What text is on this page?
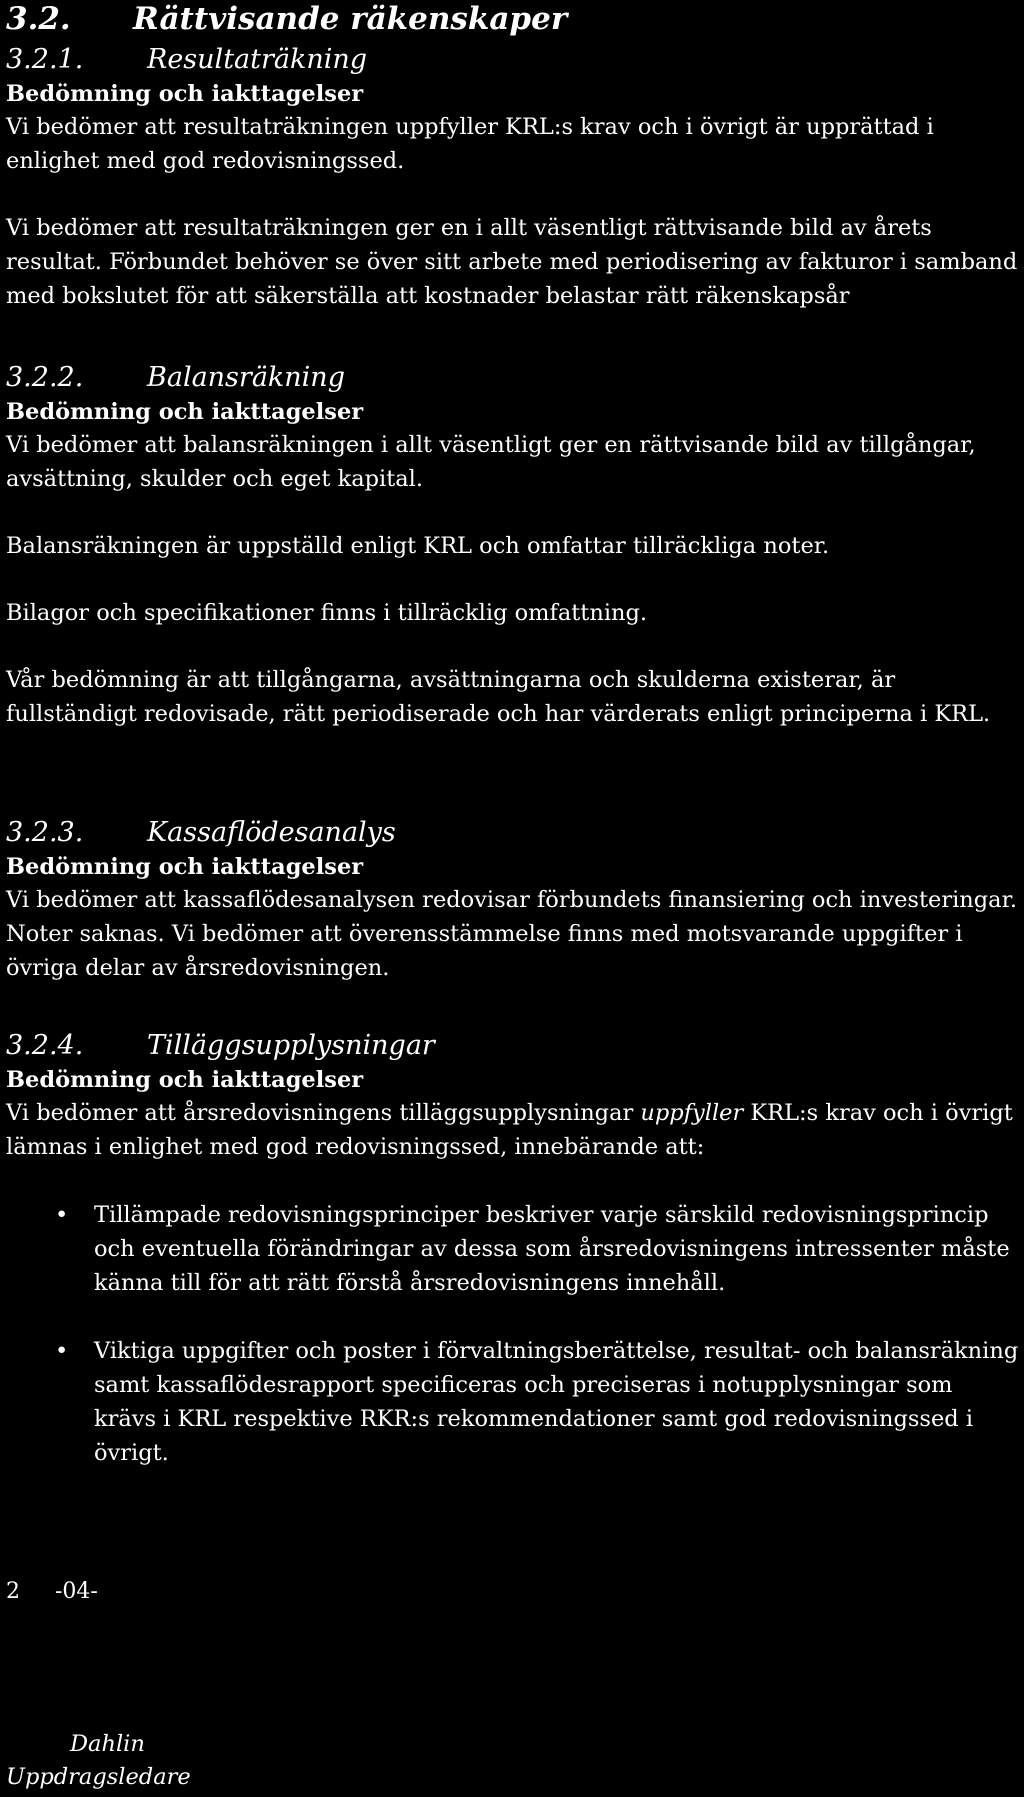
3.2. Rättvisande räkenskaper
3.2.1. Resultaträkning
Bedömning och iakttagelser

Vi bedömer att resultaträkningen uppfyller KRL:s krav och i övrigt är upprättad i enlighet med god redovisningssed.

Vi bedömer att resultaträkningen ger en i allt väsentligt rättvisande bild av årets resultat. Förbundet behöver se över sitt arbete med periodisering av fakturor i samband med bokslutet för att säkerställa att kostnader belastar rätt räkenskapsår

3.2.2. Balansräkning
Bedömning och iakttagelser

Vi bedömer att balansräkningen i allt väsentligt ger en rättvisande bild av tillgångar, avsättning, skulder och eget kapital.

Balansräkningen är uppställd enligt KRL och omfattar tillräckliga noter.

Bilagor och specifikationer finns i tillräcklig omfattning.

Vår bedömning är att tillgångarna, avsättningarna och skulderna existerar, är fullständigt redovisade, rätt periodiserade och har värderats enligt principerna i KRL.

3.2.3. Kassaflödesanalys
Bedömning och iakttagelser

Vi bedömer att kassaflödesanalysen redovisar förbundets finansiering och investeringar. Noter saknas. Vi bedömer att överensstämmelse finns med motsvarande uppgifter i övriga delar av årsredovisningen.

3.2.4. Tilläggsupplysningar
Bedömning och iakttagelser

Vi bedömer att årsredovisningens tilläggsupplysningar uppfyller KRL:s krav och i övrigt lämnas i enlighet med god redovisningssed, innebärande att:

• Tillämpade redovisningsprinciper beskriver varje särskild redovisningsprincip och eventuella förändringar av dessa som årsredovisningens intressenter måste känna till för att rätt förstå årsredovisningens innehåll.
• Viktiga uppgifter och poster i förvaltningsberättelse, resultat- och balansräkning samt kassaflödesrapport specificeras och preciseras i notupplysningar som krävs i KRL respektive RKR:s rekommendationer samt god redovisningssed i övrigt.
2     -04-
Dahlin
Uppdragsledare
